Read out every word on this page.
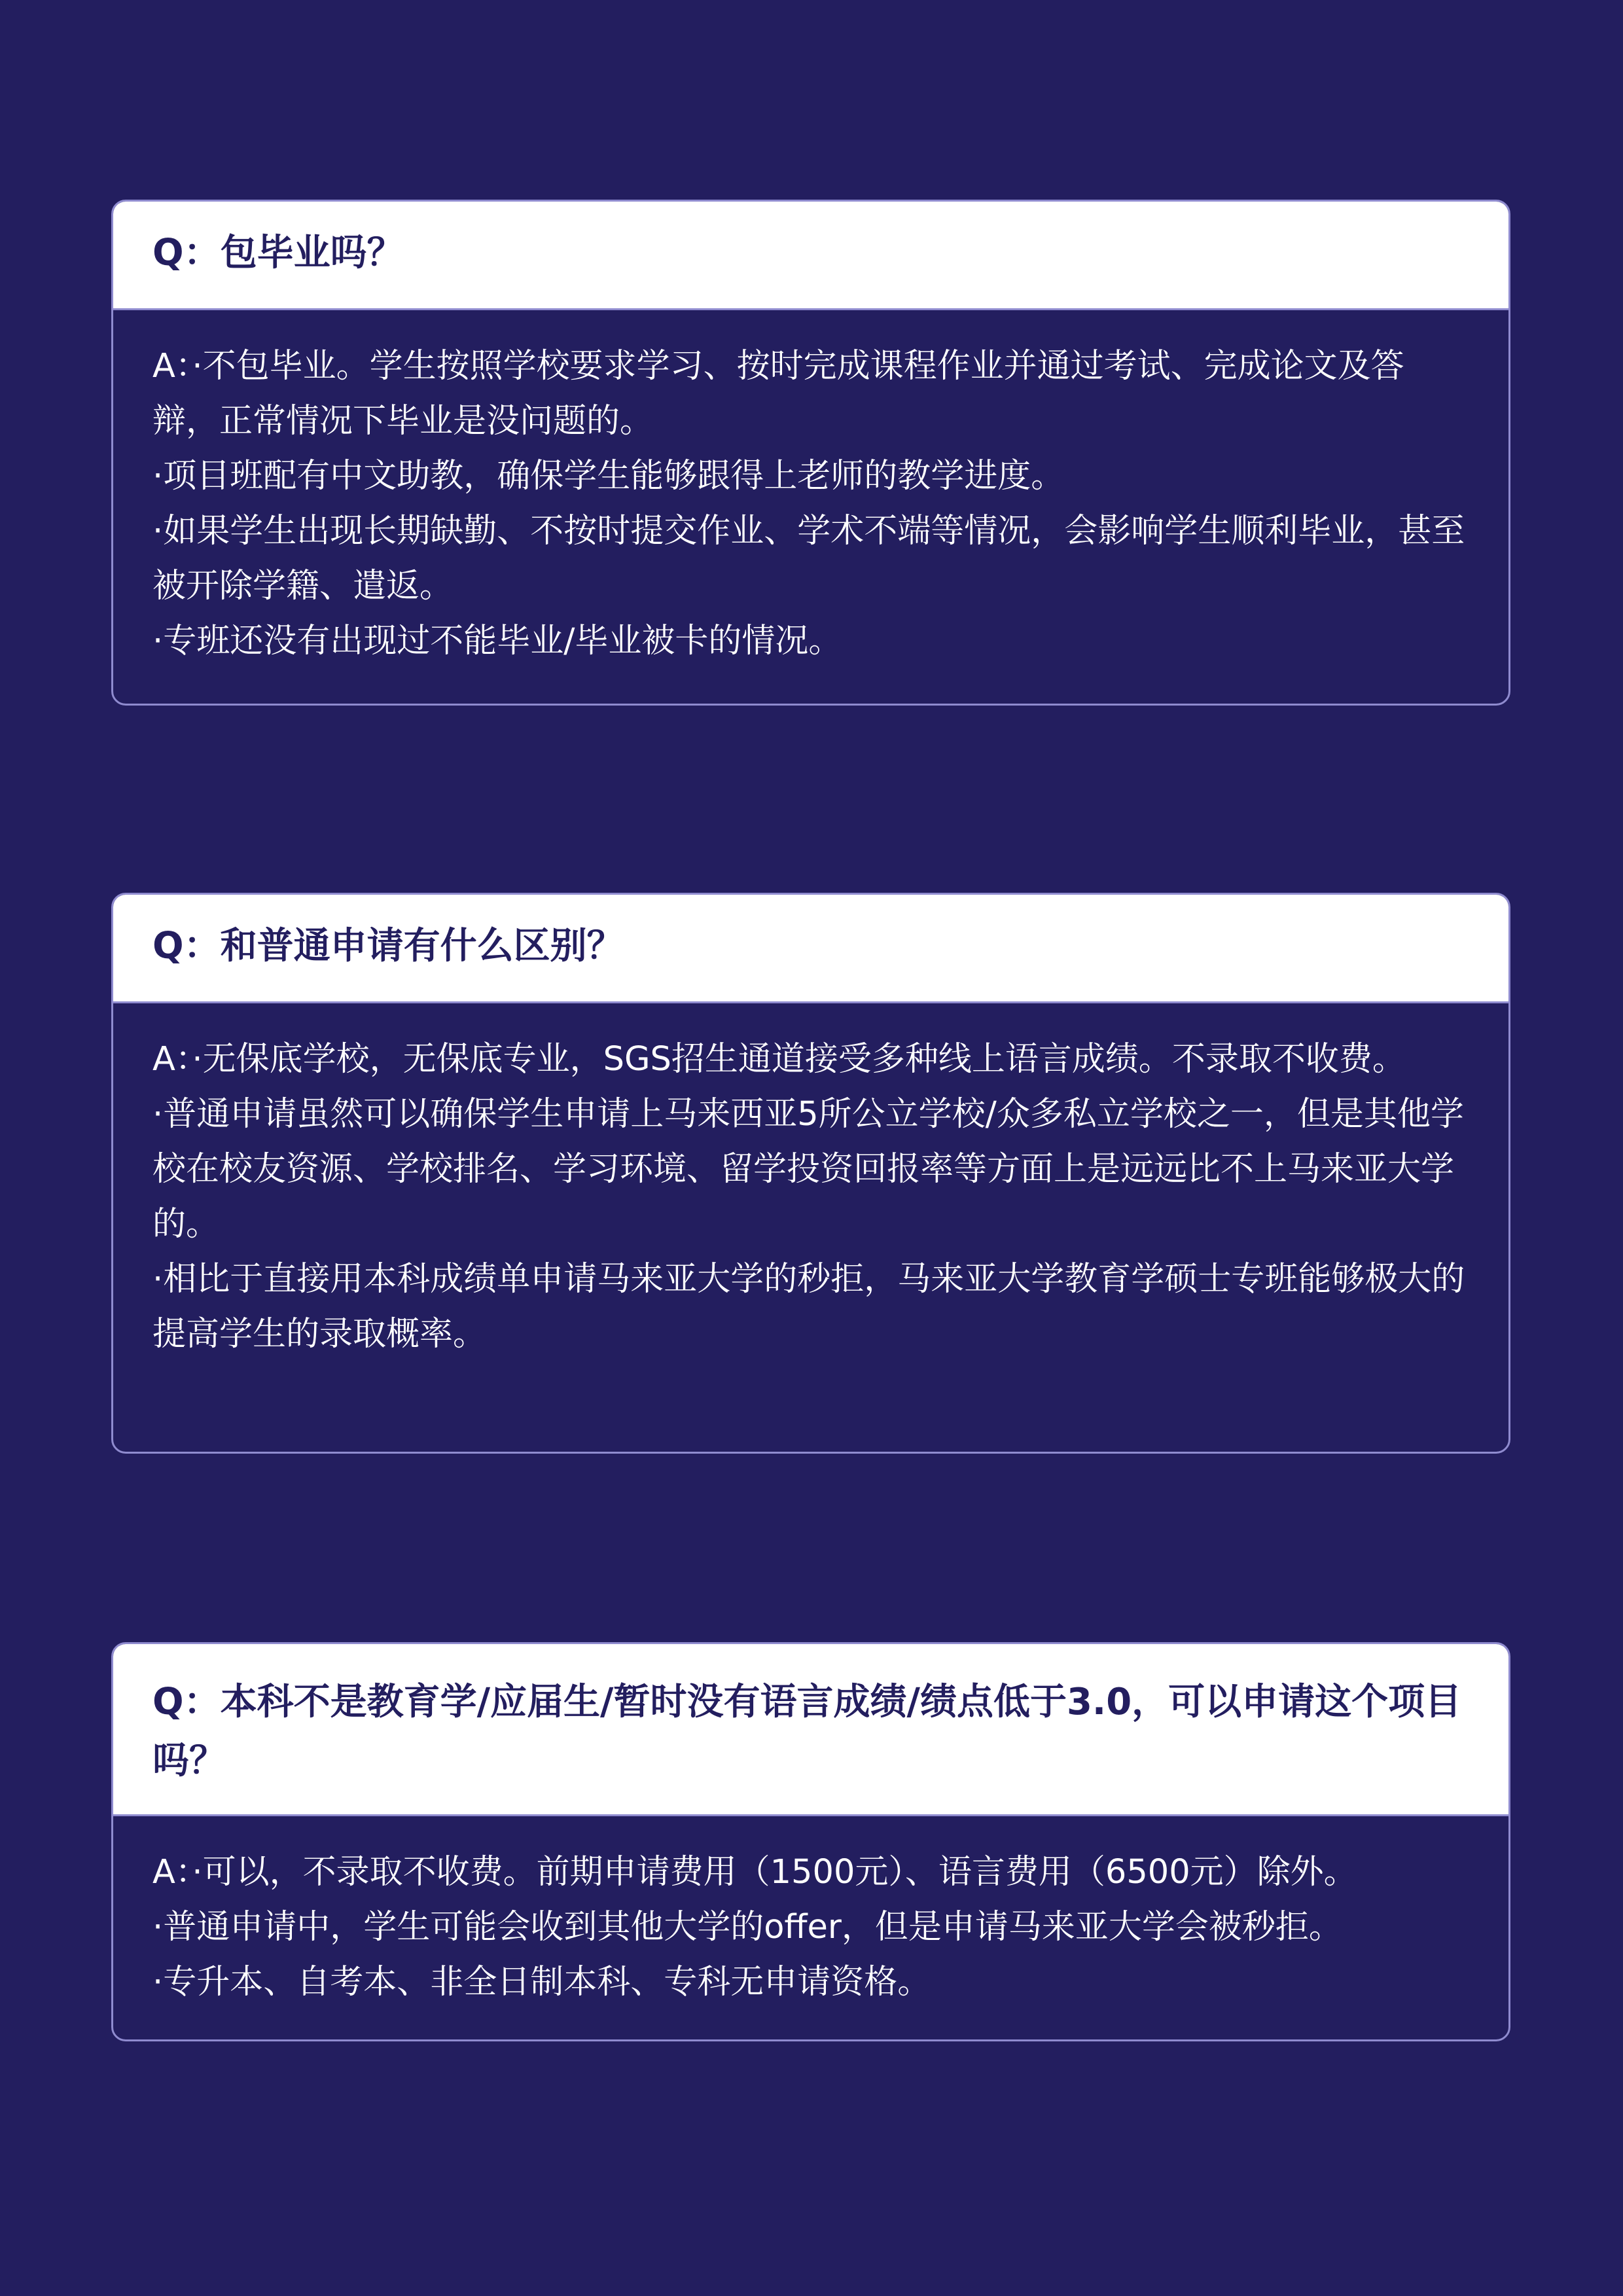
Q：包毕业吗？
A：·不包毕业。学生按照学校要求学习、按时完成课程作业并通过考试、完成论文及答辩，正常情况下毕业是没问题的。
·项目班配有中文助教，确保学生能够跟得上老师的教学进度。
·如果学生出现长期缺勤、不按时提交作业、学术不端等情况，会影响学生顺利毕业，甚至被开除学籍、遣返。
·专班还没有出现过不能毕业/毕业被卡的情况。
Q：和普通申请有什么区别？
A：·无保底学校，无保底专业，SGS招生通道接受多种线上语言成绩。不录取不收费。
·普通申请虽然可以确保学生申请上马来西亚5所公立学校/众多私立学校之一，但是其他学校在校友资源、学校排名、学习环境、留学投资回报率等方面上是远远比不上马来亚大学的。
·相比于直接用本科成绩单申请马来亚大学的秒拒，马来亚大学教育学硕士专班能够极大的提高学生的录取概率。
Q：本科不是教育学/应届生/暂时没有语言成绩/绩点低于3.0，可以申请这个项目吗？
A：·可以，不录取不收费。前期申请费用（1500元）、语言费用（6500元）除外。
·普通申请中，学生可能会收到其他大学的offer，但是申请马来亚大学会被秒拒。
·专升本、自考本、非全日制本科、专科无申请资格。
